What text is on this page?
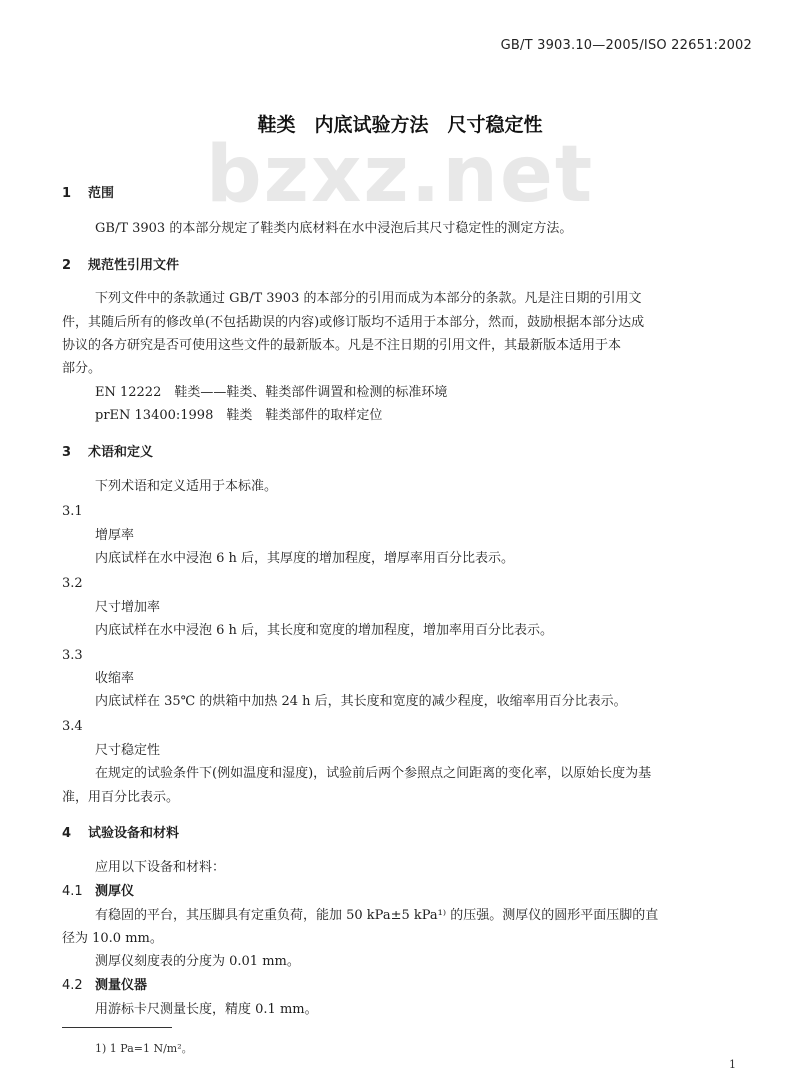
GB/T 3903.10—2005/ISO 22651:2002
bzxz.net
鞋类　内底试验方法　尺寸稳定性
1 范围
GB/T 3903 的本部分规定了鞋类内底材料在水中浸泡后其尺寸稳定性的测定方法。
2 规范性引用文件
下列文件中的条款通过 GB/T 3903 的本部分的引用而成为本部分的条款。凡是注日期的引用文
件，其随后所有的修改单(不包括勘误的内容)或修订版均不适用于本部分，然而，鼓励根据本部分达成
协议的各方研究是否可使用这些文件的最新版本。凡是不注日期的引用文件，其最新版本适用于本
部分。
EN 12222　鞋类——鞋类、鞋类部件调置和检测的标准环境
prEN 13400:1998　鞋类　鞋类部件的取样定位
3 术语和定义
下列术语和定义适用于本标准。
3.1
增厚率
内底试样在水中浸泡 6 h 后，其厚度的增加程度，增厚率用百分比表示。
3.2
尺寸增加率
内底试样在水中浸泡 6 h 后，其长度和宽度的增加程度，增加率用百分比表示。
3.3
收缩率
内底试样在 35℃ 的烘箱中加热 24 h 后，其长度和宽度的减少程度，收缩率用百分比表示。
3.4
尺寸稳定性
在规定的试验条件下(例如温度和湿度)，试验前后两个参照点之间距离的变化率，以原始长度为基
准，用百分比表示。
4 试验设备和材料
应用以下设备和材料：
4.1 测厚仪
有稳固的平台，其压脚具有定重负荷，能加 50 kPa±5 kPa¹⁾ 的压强。测厚仪的圆形平面压脚的直
径为 10.0 mm。
测厚仪刻度表的分度为 0.01 mm。
4.2 测量仪器
用游标卡尺测量长度，精度 0.1 mm。
1) 1 Pa=1 N/m²。
1
